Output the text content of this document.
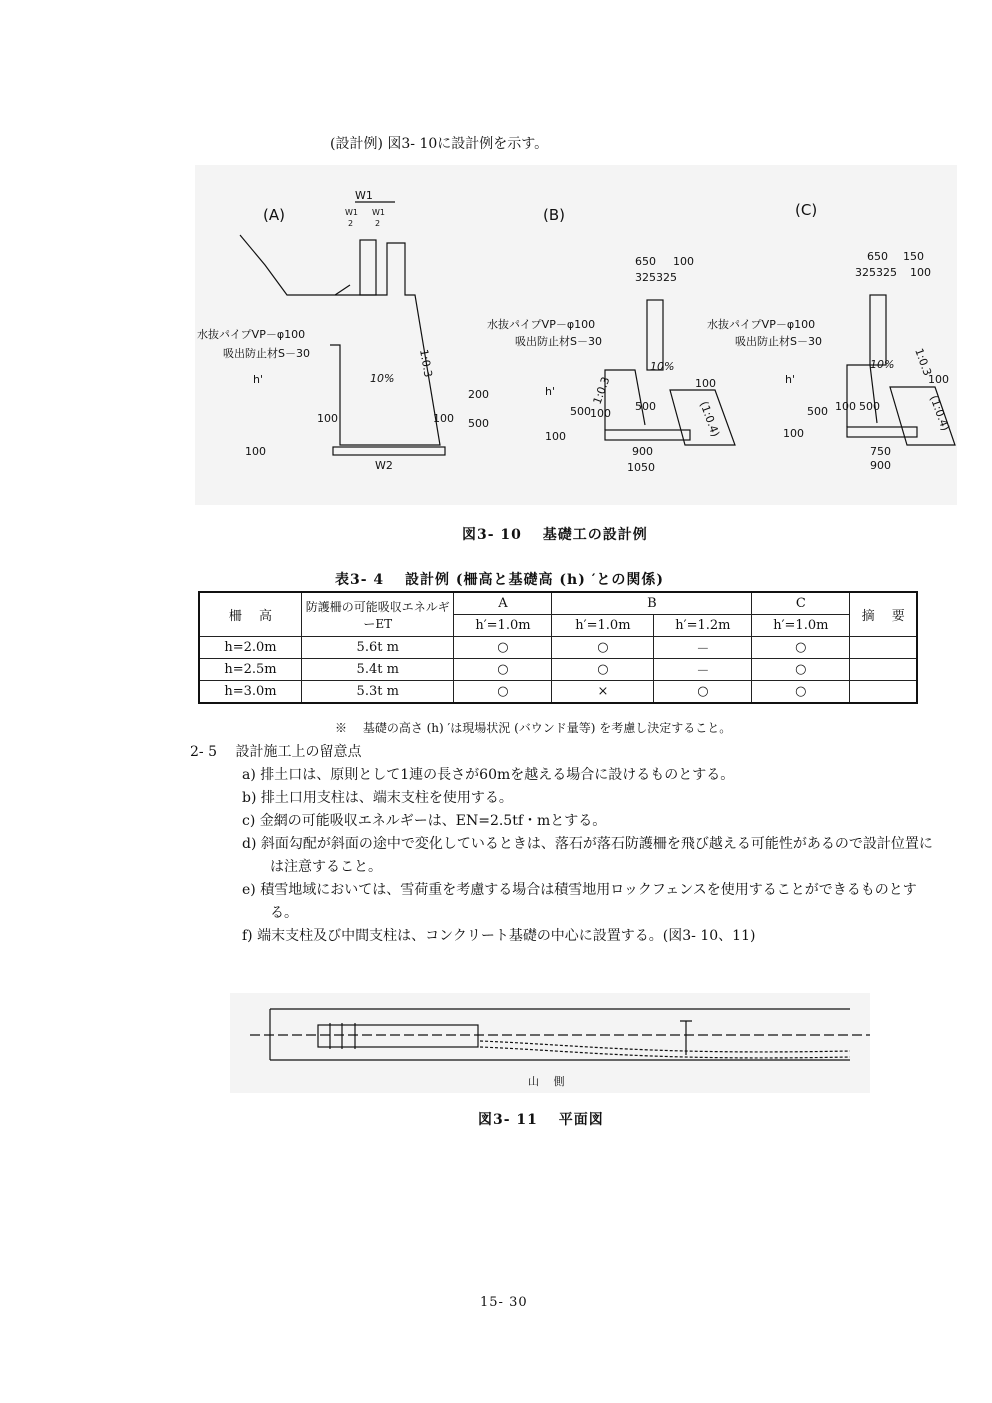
(設計例) 図3- 10に設計例を示す。
(A)
W1
W1 W1
2	2
水抜パイプVP－φ100
吸出防止材S－30
10%
1:0.3
h'
100	100
200
500
100
W2
(B)
水抜パイプVP－φ100
吸出防止材S－30
10%
1:0.3
(1:0.4)
650 100
325325
h'
100
500
500
100
100
900
1050
(C)
水抜パイプVP－φ100
吸出防止材S－30
10% 1:0.3
(1:0.4)
650 150
325325 100
h'
100 500
500
100
100
750
900
図3- 10　 基礎工の設計例
表3- 4　 設計例 (柵高と基礎高 (h) ′との関係)
柵　 高	防護柵の可能吸収エネルギーET	A	B		C	摘　 要
		h′=1.0m	h′=1.0m	h′=1.2m	h′=1.0m	
h=2.0m	5.6t m	○	○	－	○	
h=2.5m	5.4t m	○	○	－	○	
h=3.0m	5.3t m	○	×	○	○	
※　 基礎の高さ (h) ′は現場状況 (バウンド量等) を考慮し決定すること。
2- 5　 設計施工上の留意点
a) 排土口は、原則として1連の長さが60mを越える場合に設けるものとする。
b) 排土口用支柱は、端末支柱を使用する。
c) 金網の可能吸収エネルギーは、EN=2.5tf・mとする。
d) 斜面勾配が斜面の途中で変化しているときは、落石が落石防護柵を飛び越える可能性があるので設計位置には注意すること。
e) 積雪地域においては、雪荷重を考慮する場合は積雪地用ロックフェンスを使用することができるものとする。
f) 端末支柱及び中間支柱は、コンクリート基礎の中心に設置する。(図3- 10、11)
山　 側
図3- 11　 平面図
15- 30
